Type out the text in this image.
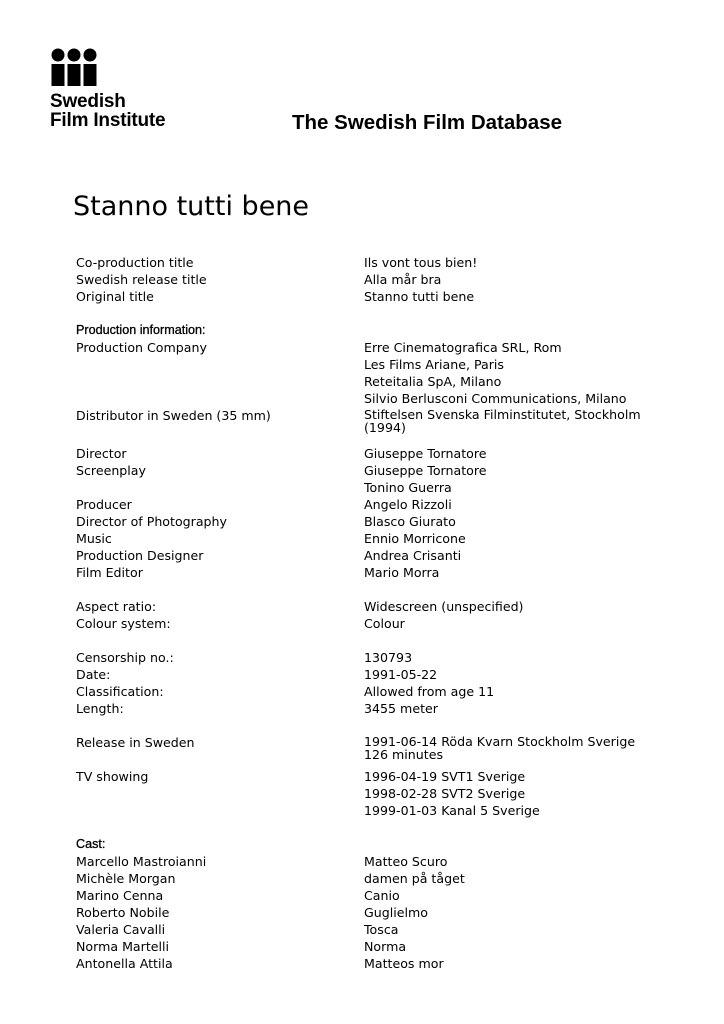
Swedish
Film Institute	The Swedish Film Database
Stanno tutti bene
Co-production title	Ils vont tous bien!
Swedish release title	Alla mår bra
Original title	Stanno tutti bene
Production information:
Production Company	Erre Cinematografica SRL, Rom
Les Films Ariane, Paris
Reteitalia SpA, Milano
Silvio Berlusconi Communications, Milano
Distributor in Sweden (35 mm)	Stiftelsen Svenska Filminstitutet, Stockholm (1994)
Director	Giuseppe Tornatore
Screenplay	Giuseppe Tornatore
Tonino Guerra
Producer	Angelo Rizzoli
Director of Photography	Blasco Giurato
Music	Ennio Morricone
Production Designer	Andrea Crisanti
Film Editor	Mario Morra
Aspect ratio:	Widescreen (unspecified)
Colour system:	Colour
Censorship no.:	130793
Date:	1991-05-22
Classification:	Allowed from age 11
Length:	3455 meter
Release in Sweden	1991-06-14 Röda Kvarn Stockholm Sverige
126 minutes
TV showing	1996-04-19 SVT1 Sverige
1998-02-28 SVT2 Sverige
1999-01-03 Kanal 5 Sverige
Cast:
Marcello Mastroianni	Matteo Scuro
Michèle Morgan	damen på tåget
Marino Cenna	Canio
Roberto Nobile	Guglielmo
Valeria Cavalli	Tosca
Norma Martelli	Norma
Antonella Attila	Matteos mor
